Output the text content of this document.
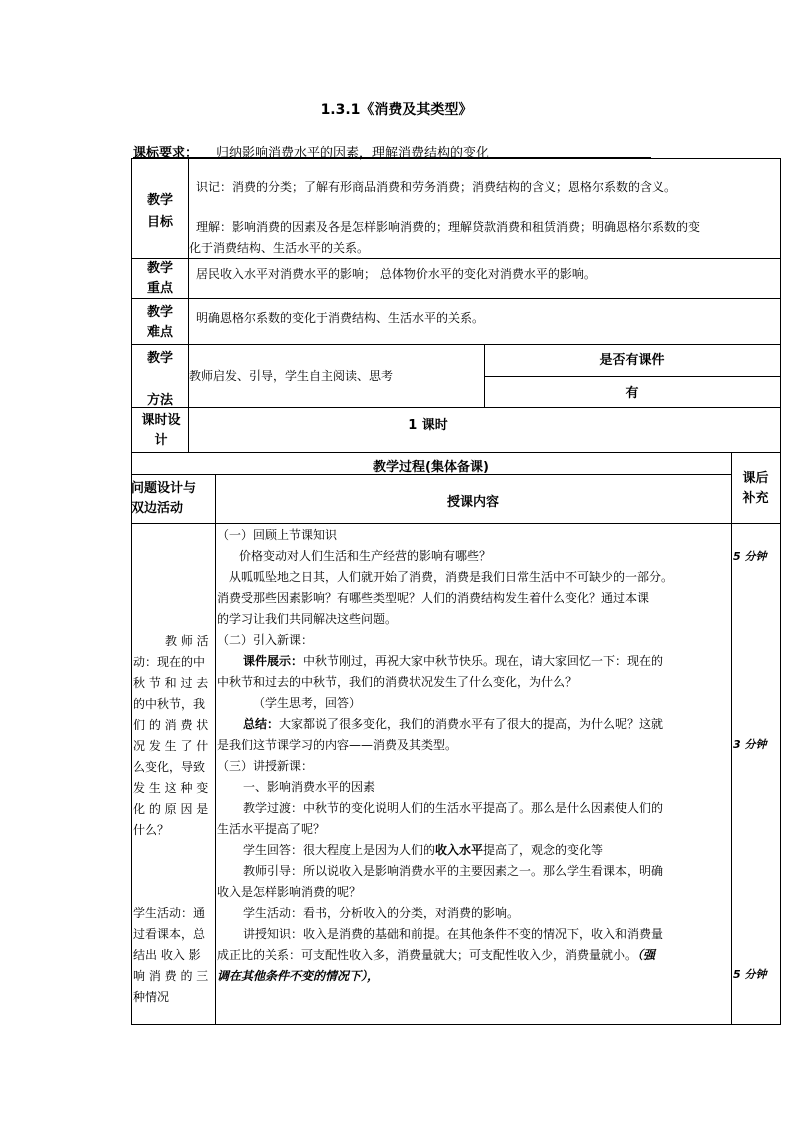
1.3.1《消费及其类型》
课标要求： 归纳影响消费水平的因素，理解消费结构的变化
教学
目标
识记：消费的分类；了解有形商品消费和劳务消费；消费结构的含义；恩格尔系数的含义。
理解：影响消费的因素及各是怎样影响消费的；理解贷款消费和租赁消费；明确恩格尔系数的变
化于消费结构、生活水平的关系。
教学
重点
居民收入水平对消费水平的影响； 总体物价水平的变化对消费水平的影响。
教学
难点
明确恩格尔系数的变化于消费结构、生活水平的关系。
教学
方法
教师启发、引导，学生自主阅读、思考
是否有课件
有
课时设
计
1 课时
教学过程(集体备课)
问题设计与
双边活动	授课内容
课后
补充
教 师 活
动：现在的中
秋 节 和 过 去
的中秋节，我
们 的 消 费 状
况 发 生 了 什
么变化，导致
发 生 这 种 变
化 的 原 因 是
什么？
学生活动：通
过看课本，总
结出 收入 影
响 消 费 的 三
种情况
（一）回顾上节课知识
价格变动对人们生活和生产经营的影响有哪些？
从呱呱坠地之日其，人们就开始了消费，消费是我们日常生活中不可缺少的一部分。
消费受那些因素影响？有哪些类型呢？人们的消费结构发生着什么变化？通过本课
的学习让我们共同解决这些问题。
（二）引入新课：
课件展示：中秋节刚过，再祝大家中秋节快乐。现在，请大家回忆一下：现在的
中秋节和过去的中秋节，我们的消费状况发生了什么变化，为什么？
（学生思考，回答）
总结：大家都说了很多变化，我们的消费水平有了很大的提高，为什么呢？这就
是我们这节课学习的内容——消费及其类型。
（三）讲授新课：
一、影响消费水平的因素
教学过渡：中秋节的变化说明人们的生活水平提高了。那么是什么因素使人们的
生活水平提高了呢？
学生回答：很大程度上是因为人们的收入水平提高了，观念的变化等
教师引导：所以说收入是影响消费水平的主要因素之一。那么学生看课本，明确
收入是怎样影响消费的呢？
学生活动：看书，分析收入的分类，对消费的影响。
讲授知识：收入是消费的基础和前提。在其他条件不变的情况下，收入和消费量
成正比的关系：可支配性收入多，消费量就大；可支配性收入少，消费量就小。（强
调在其他条件不变的情况下），
5 分钟
3 分钟
5 分钟
